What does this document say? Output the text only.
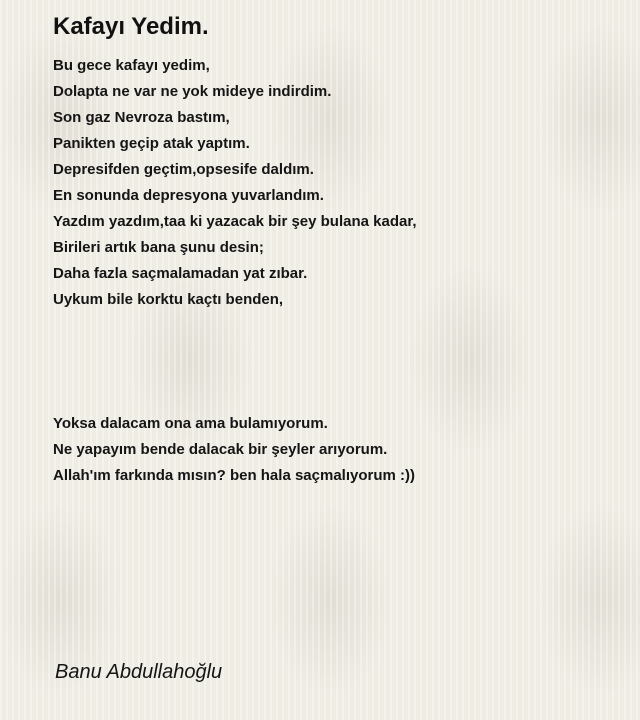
Kafayı Yedim.
Bu gece kafayı yedim,
Dolapta ne var ne yok mideye indirdim.
Son gaz Nevroza bastım,
Panikten geçip atak yaptım.
Depresifden geçtim,opsesife daldım.
En sonunda depresyona yuvarlandım.
Yazdım yazdım,taa ki yazacak bir şey bulana kadar,
Birileri artık bana şunu desin;
Daha fazla saçmalamadan yat zıbar.
Uykum bile korktu kaçtı benden,
Yoksa dalacam ona ama bulamıyorum.
Ne yapayım bende dalacak bir şeyler arıyorum.
Allah'ım farkında mısın? ben hala saçmalıyorum :))
Banu Abdullahoğlu
